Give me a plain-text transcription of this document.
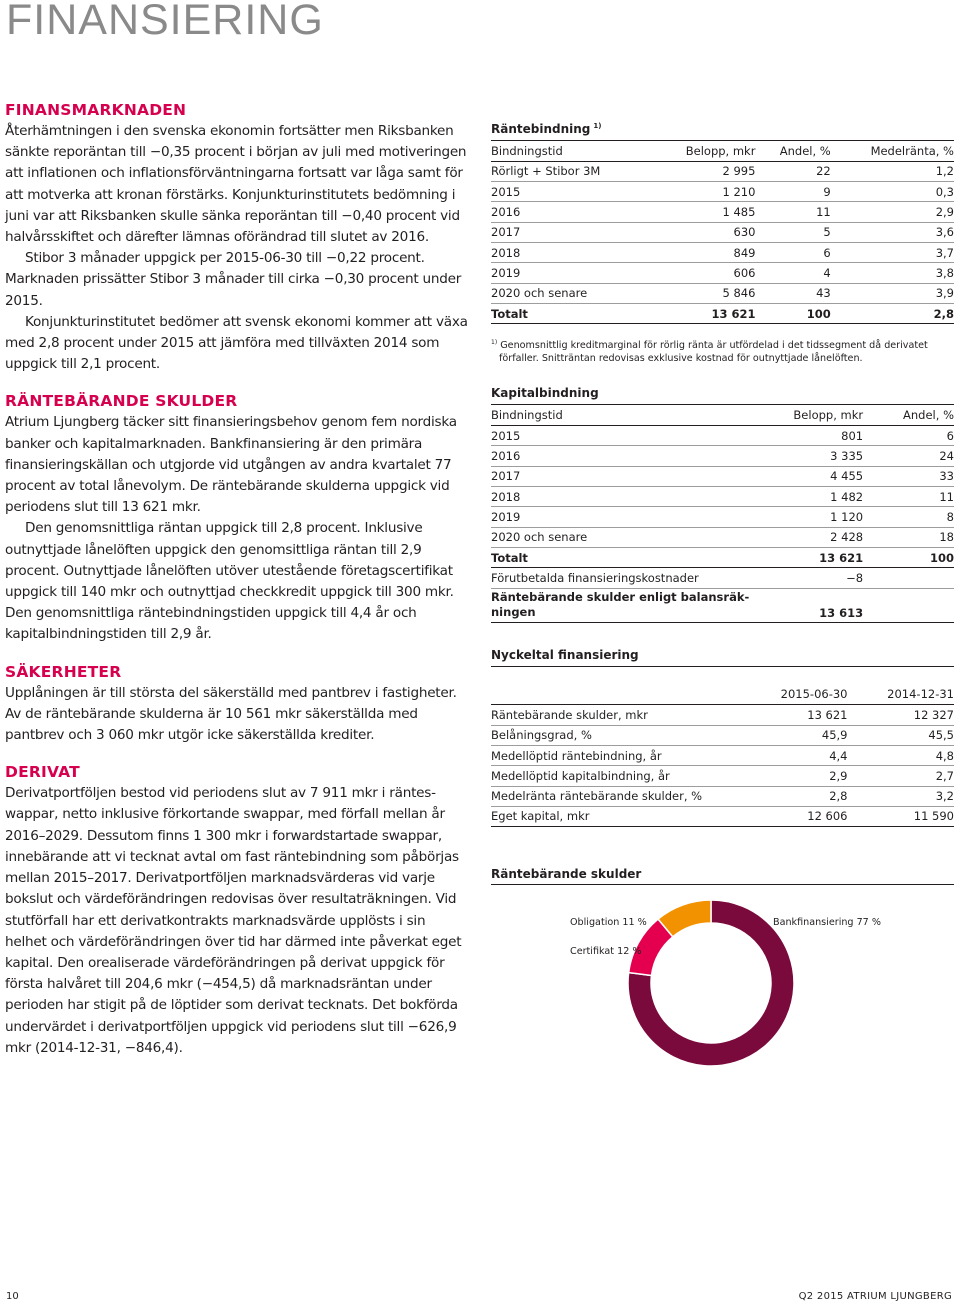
FINANSIERING
FINANSMARKNADEN

Återhämtningen i den svenska ekonomin fortsätter men Riksbanken sänkte reporäntan till −0,35 procent i början av juli med motiveringen att inflationen och inflationsförväntningarna fortsatt var låga samt för att motverka att kronan förstärks. Konjunkturinstitutets bedömning i juni var att Riksbanken skulle sänka reporäntan till −0,40 procent vid halvårsskiftet och därefter lämnas oförändrad till slutet av 2016.

Stibor 3 månader uppgick per 2015-06-30 till −0,22 procent. Marknaden prissätter Stibor 3 månader till cirka −0,30 procent under 2015.

Konjunkturinstitutet bedömer att svensk ekonomi kommer att växa med 2,8 procent under 2015 att jämföra med tillväxten 2014 som uppgick till 2,1 procent.

RÄNTEBÄRANDE SKULDER

Atrium Ljungberg täcker sitt finansieringsbehov genom fem nordiska banker och kapitalmarknaden. Bankfinansiering är den primära finansieringskällan och utgjorde vid utgången av andra kvartalet 77 procent av total lånevolym. De räntebärande skulderna uppgick vid periodens slut till 13 621 mkr.

Den genomsnittliga räntan uppgick till 2,8 procent. Inklusive outnyttjade lånelöften uppgick den genomsittliga räntan till 2,9 procent. Outnyttjade lånelöften utöver utestående företagscertifikat uppgick till 140 mkr och outnyttjad checkkredit uppgick till 300 mkr. Den genomsnittliga räntebindningstiden uppgick till 4,4 år och kapitalbindningstiden till 2,9 år.

SÄKERHETER

Upplåningen är till största del säkerställd med pantbrev i fastigheter. Av de räntebärande skulderna är 10 561 mkr säkerställda med pantbrev och 3 060 mkr utgör icke säkerställda krediter.

DERIVAT

Derivatportföljen bestod vid periodens slut av 7 911 mkr i ränteswappar, netto inklusive förkortande swappar, med förfall mellan år 2016–2029. Dessutom finns 1 300 mkr i forwardstartade swappar, innebärande att vi tecknat avtal om fast räntebindning som påbörjas mellan 2015–2017. Derivatportföljen marknadsvärderas vid varje bokslut och värdeförändringen redovisas över resultaträkningen. Vid stutförfall har ett derivatkontrakts marknadsvärde upplösts i sin helhet och värdeförändringen över tid har därmed inte påverkat eget kapital. Den orealiserade värdeförändringen på derivat uppgick för första halvåret till 204,6 mkr (−454,5) då marknadsräntan under perioden har stigit på de löptider som derivat tecknats. Det bokförda undervärdet i derivatportföljen uppgick vid periodens slut till −626,9 mkr (2014-12-31, −846,4).

Räntebindning $^{1)}$
Bindningstid	Belopp, mkr	Andel, %	Medelränta, %
Rörligt + Stibor 3M	2 995	22	1,2
2015	1 210	9	0,3
2016	1 485	11	2,9
2017	630	5	3,6
2018	849	6	3,7
2019	606	4	3,8
2020 och senare	5 846	43	3,9
Totalt	13 621	100	2,8
$^{1)}$ Genomsnittlig kreditmarginal för rörlig ränta är utfördelad i det tidssegment då derivatet förfaller. Snitträntan redovisas exklusive kostnad för outnyttjade lånelöften.
Kapitalbindning
Bindningstid	Belopp, mkr	Andel, %
2015	801	6
2016	3 335	24
2017	4 455	33
2018	1 482	11
2019	1 120	8
2020 och senare	2 428	18
Totalt	13 621	100
Förutbetalda finansieringskostnader	−8	
Räntebärande skulder enligt balansräk-
ningen	13 613	
Nyckeltal finansiering

	2015-06-30	2014-12-31
Räntebärande skulder, mkr	13 621	12 327
Belåningsgrad, %	45,9	45,5
Medellöptid räntebindning, år	4,4	4,8
Medellöptid kapitalbindning, år	2,9	2,7
Medelränta räntebärande skulder, %	2,8	3,2
Eget kapital, mkr	12 606	11 590
Räntebärande skulder
Obligation 11 %
Certifikat 12 %
Bankfinansiering 77 %
10	Q2 2015 ATRIUM LJUNGBERG
